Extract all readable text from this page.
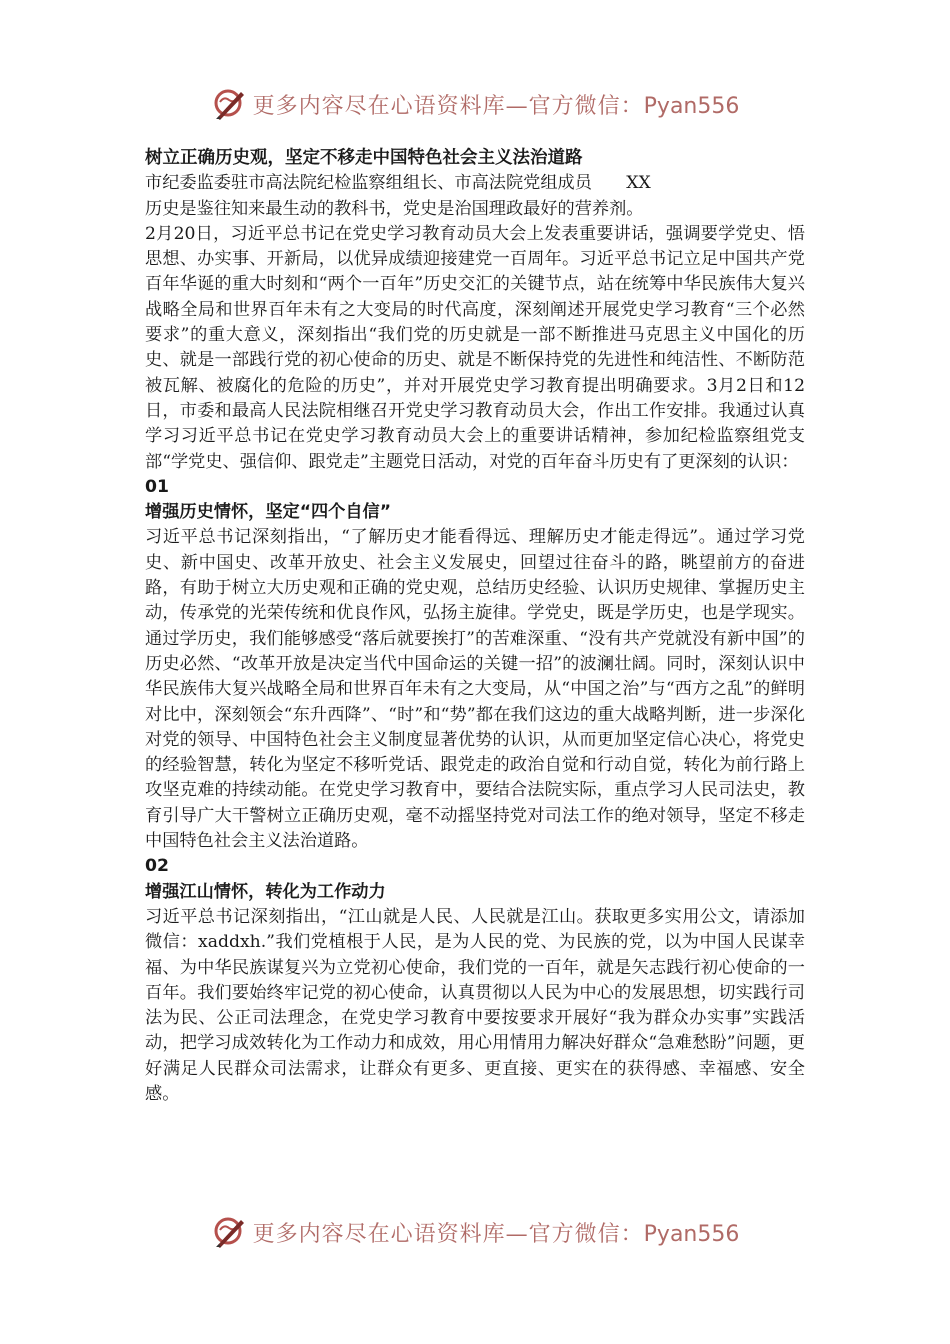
更多内容尽在心语资料库—官方微信：Pyan556

树立正确历史观，坚定不移走中国特色社会主义法治道路

市纪委监委驻市高法院纪检监察组组长、市高法院党组成员　　XX

历史是鉴往知来最生动的教科书，党史是治国理政最好的营养剂。

2月20日，习近平总书记在党史学习教育动员大会上发表重要讲话，强调要学党史、悟思想、办实事、开新局，以优异成绩迎接建党一百周年。习近平总书记立足中国共产党百年华诞的重大时刻和“两个一百年”历史交汇的关键节点，站在统筹中华民族伟大复兴战略全局和世界百年未有之大变局的时代高度，深刻阐述开展党史学习教育“三个必然要求”的重大意义，深刻指出“我们党的历史就是一部不断推进马克思主义中国化的历史、就是一部践行党的初心使命的历史、就是不断保持党的先进性和纯洁性、不断防范被瓦解、被腐化的危险的历史”，并对开展党史学习教育提出明确要求。3月2日和12日，市委和最高人民法院相继召开党史学习教育动员大会，作出工作安排。我通过认真学习习近平总书记在党史学习教育动员大会上的重要讲话精神，参加纪检监察组党支部“学党史、强信仰、跟党走”主题党日活动，对党的百年奋斗历史有了更深刻的认识：

01

增强历史情怀，坚定“四个自信”

习近平总书记深刻指出，“了解历史才能看得远、理解历史才能走得远”。通过学习党史、新中国史、改革开放史、社会主义发展史，回望过往奋斗的路，眺望前方的奋进路，有助于树立大历史观和正确的党史观，总结历史经验、认识历史规律、掌握历史主动，传承党的光荣传统和优良作风，弘扬主旋律。学党史，既是学历史，也是学现实。通过学历史，我们能够感受“落后就要挨打”的苦难深重、“没有共产党就没有新中国”的历史必然、“改革开放是决定当代中国命运的关键一招”的波澜壮阔。同时，深刻认识中华民族伟大复兴战略全局和世界百年未有之大变局，从“中国之治”与“西方之乱”的鲜明对比中，深刻领会“东升西降”、“时”和“势”都在我们这边的重大战略判断，进一步深化对党的领导、中国特色社会主义制度显著优势的认识，从而更加坚定信心决心，将党史的经验智慧，转化为坚定不移听党话、跟党走的政治自觉和行动自觉，转化为前行路上攻坚克难的持续动能。在党史学习教育中，要结合法院实际，重点学习人民司法史，教育引导广大干警树立正确历史观，毫不动摇坚持党对司法工作的绝对领导，坚定不移走中国特色社会主义法治道路。

02

增强江山情怀，转化为工作动力

习近平总书记深刻指出，“江山就是人民、人民就是江山。获取更多实用公文，请添加微信：xaddxh.”我们党植根于人民，是为人民的党、为民族的党，以为中国人民谋幸福、为中华民族谋复兴为立党初心使命，我们党的一百年，就是矢志践行初心使命的一百年。我们要始终牢记党的初心使命，认真贯彻以人民为中心的发展思想，切实践行司法为民、公正司法理念，在党史学习教育中要按要求开展好“我为群众办实事”实践活动，把学习成效转化为工作动力和成效，用心用情用力解决好群众“急难愁盼”问题，更好满足人民群众司法需求，让群众有更多、更直接、更实在的获得感、幸福感、安全感。

更多内容尽在心语资料库—官方微信：Pyan556
